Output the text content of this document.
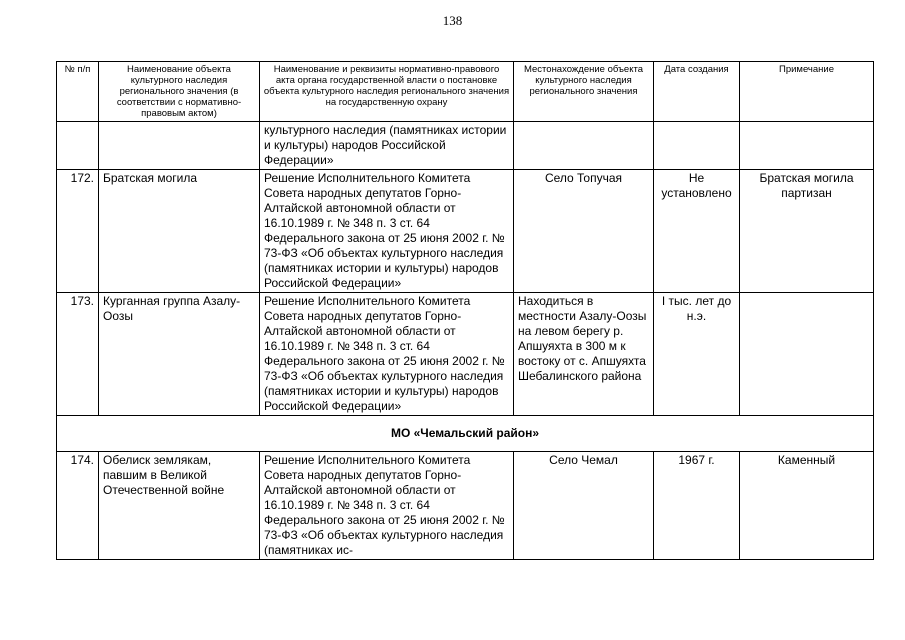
138
№ п/п	Наименование объекта культурного наследия регионального значения (в соответствии с нормативно-правовым актом)	Наименование и реквизиты нормативно-правового акта органа государственной власти о постановке объекта культурного наследия регионального значения на государственную охрану	Местонахождение объекта культурного наследия регионального значения	Дата создания	Примечание
		культурного наследия (памятниках истории и культуры) народов Российской Федерации»			
172.	Братская могила	Решение Исполнительного Комитета Совета народных депутатов Горно-Алтайской автономной области от 16.10.1989 г. № 348 п. 3 ст. 64 Федерального закона от 25 июня 2002 г. № 73-ФЗ «Об объектах культурного наследия (памятниках истории и культуры) народов Российской Федерации»	Село Топучая	Не установлено	Братская могила партизан
173.	Курганная группа Азалу-Оозы	Решение Исполнительного Комитета Совета народных депутатов Горно-Алтайской автономной области от 16.10.1989 г. № 348 п. 3 ст. 64 Федерального закона от 25 июня 2002 г. № 73-ФЗ «Об объектах культурного наследия (памятниках истории и культуры) народов Российской Федерации»	Находиться в местности Азалу-Оозы на левом берегу р. Апшуяхта в 300 м к востоку от с. Апшуяхта Шебалинского района	I тыс. лет до н.э.	
МО «Чемальский район»					
174.	Обелиск землякам, павшим в Великой Отечественной войне	Решение Исполнительного Комитета Совета народных депутатов Горно-Алтайской автономной области от 16.10.1989 г. № 348 п. 3 ст. 64 Федерального закона от 25 июня 2002 г. № 73-ФЗ «Об объектах культурного наследия (памятниках ис-	Село Чемал	1967 г.	Каменный
